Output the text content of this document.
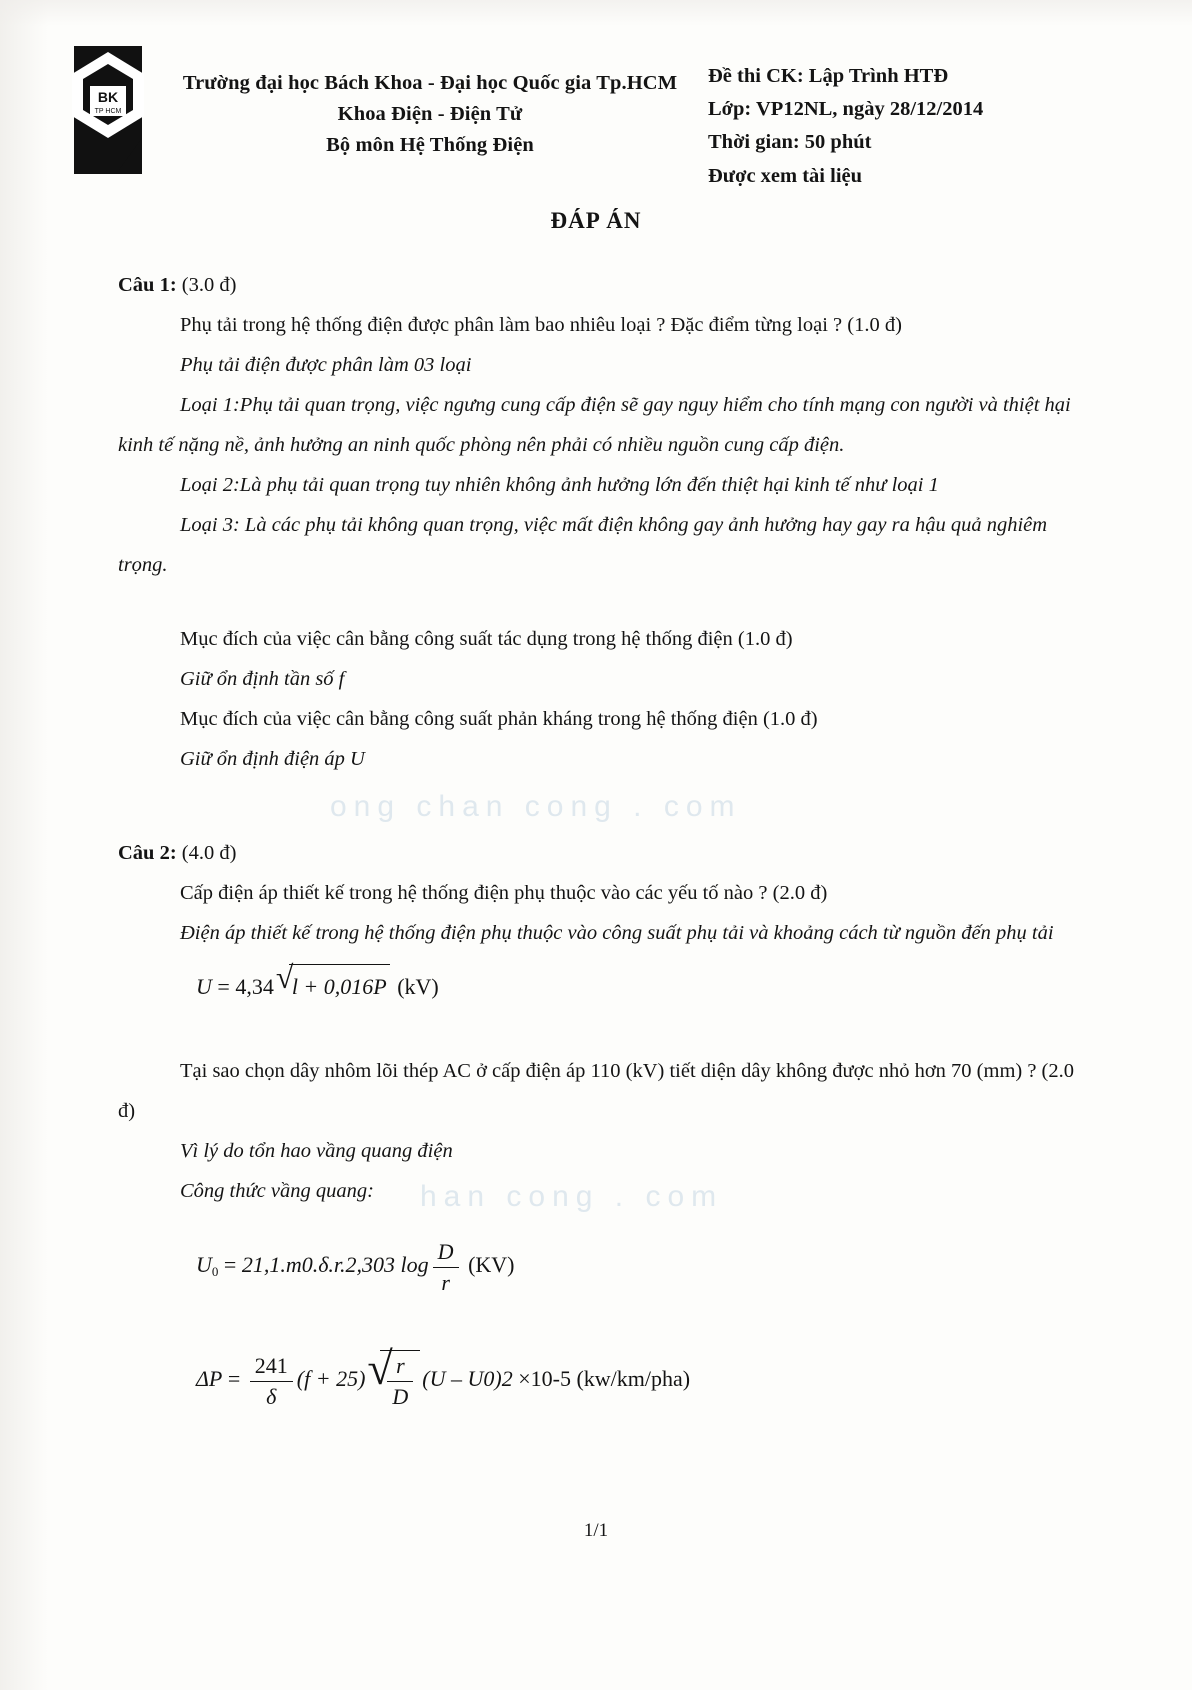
ong chan cong . com
han cong . com
BK
TP HCM
Trường đại học Bách Khoa - Đại học Quốc gia Tp.HCM
Khoa Điện - Điện Tử
Bộ môn Hệ Thống Điện
Đề thi CK: Lập Trình HTĐ
Lớp: VP12NL, ngày 28/12/2014
Thời gian: 50 phút
Được xem tài liệu
ĐÁP ÁN
Câu 1: (3.0 đ)

Phụ tải trong hệ thống điện được phân làm bao nhiêu loại ? Đặc điểm từng loại ? (1.0 đ)

Phụ tải điện được phân làm 03 loại

Loại 1:Phụ tải quan trọng, việc ngưng cung cấp điện sẽ gay nguy hiểm cho tính mạng con người và thiệt hại kinh tế nặng nề, ảnh hưởng an ninh quốc phòng nên phải có nhiều nguồn cung cấp điện.

Loại 2:Là phụ tải quan trọng tuy nhiên không ảnh hưởng lớn đến thiệt hại kinh tế như loại 1

Loại 3: Là các phụ tải không quan trọng, việc mất điện không gay ảnh hưởng hay gay ra hậu quả nghiêm trọng.

Mục đích của việc cân bằng công suất tác dụng trong hệ thống điện (1.0 đ)

Giữ ổn định tần số f

Mục đích của việc cân bằng công suất phản kháng trong hệ thống điện (1.0 đ)

Giữ ổn định điện áp U

Câu 2: (4.0 đ)

Cấp điện áp thiết kế trong hệ thống điện phụ thuộc vào các yếu tố nào ? (2.0 đ)

Điện áp thiết kế trong hệ thống điện phụ thuộc vào công suất phụ tải và khoảng cách từ nguồn đến phụ tải

U = 4,34 √ l + 0,016P (kV)

Tại sao chọn dây nhôm lõi thép AC ở cấp điện áp 110 (kV) tiết diện dây không được nhỏ hơn 70 (mm) ? (2.0 đ)

Vì lý do tổn hao vầng quang điện

Công thức vầng quang:

$U_0 = 21,1.m0.\delta.r.2,303$ $\log \frac{D}{r} (KV)$
$\Delta P = \frac{241}{\delta} (f + 25)$ √ $\frac{r}{D} (U - U0)2 \times 10-5$ (kw/km/pha)
1/1
